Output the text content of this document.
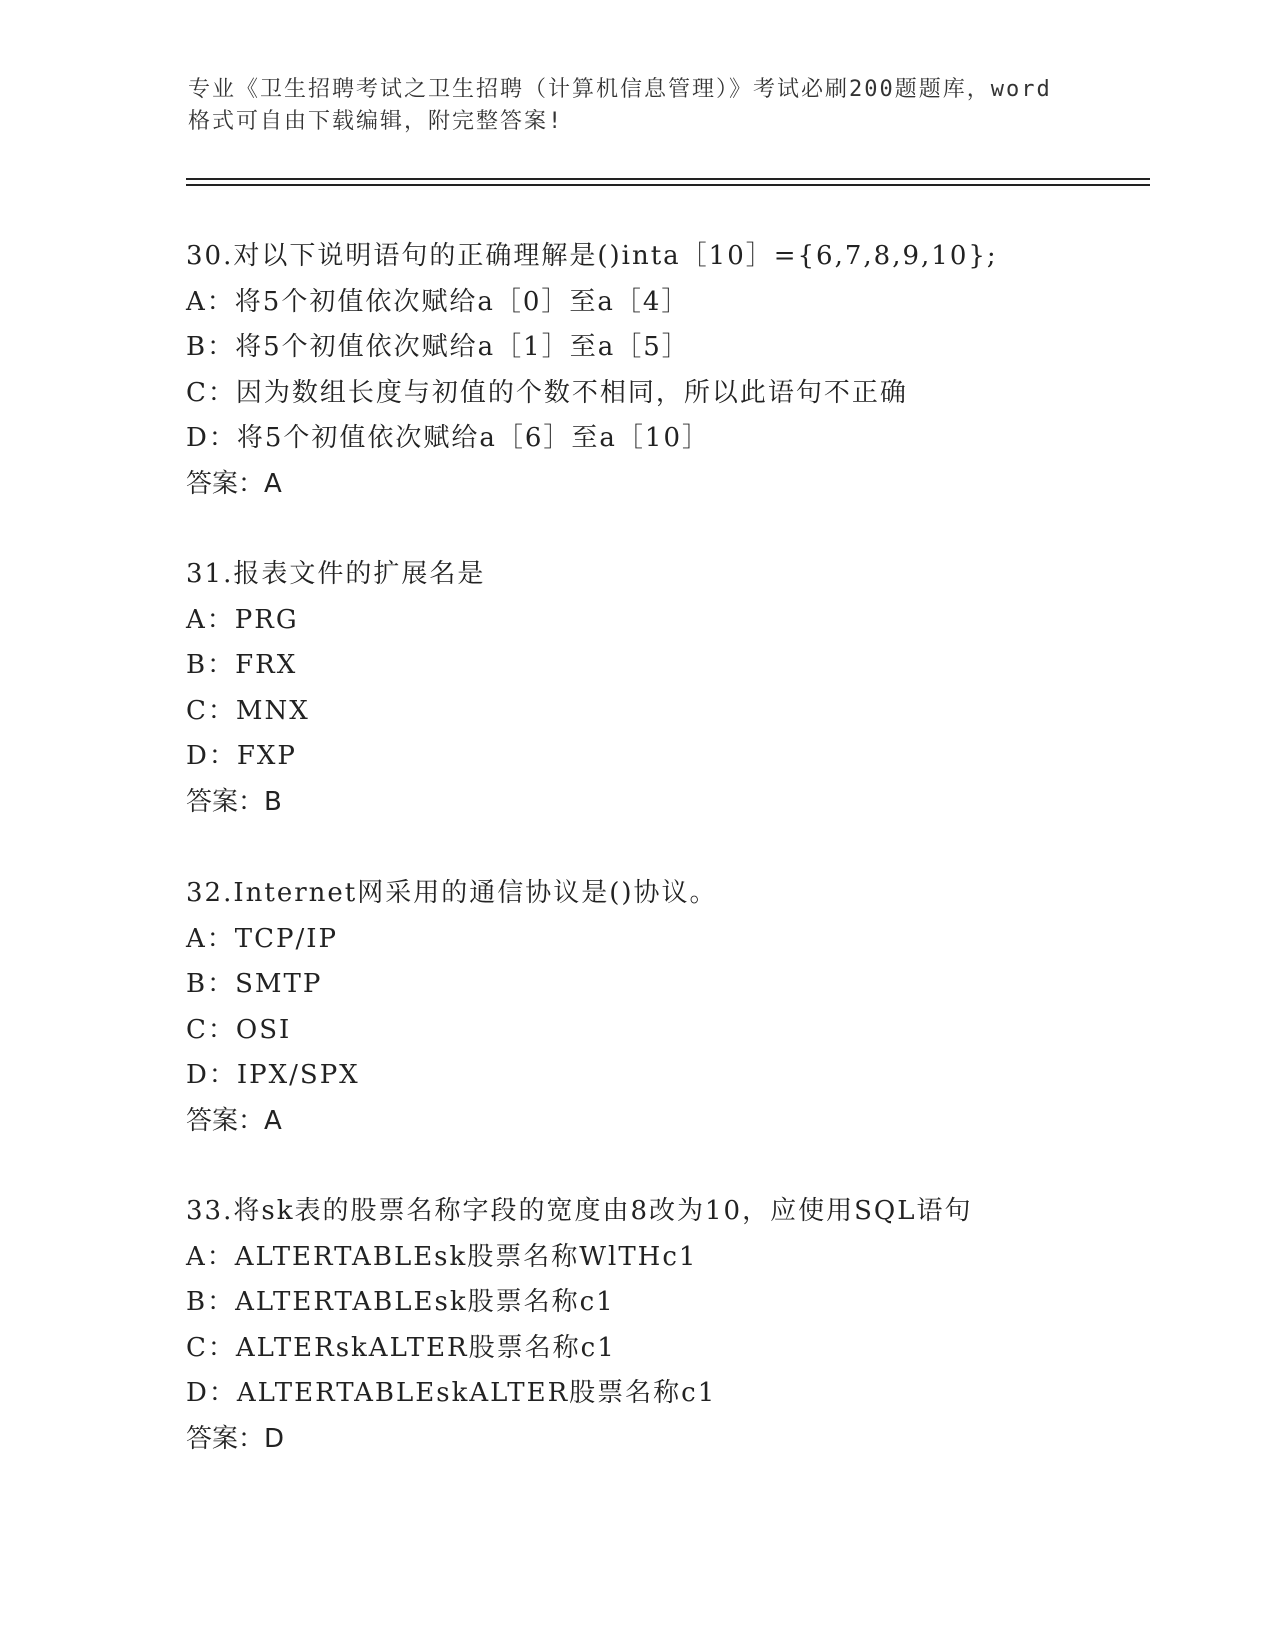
专业《卫生招聘考试之卫生招聘（计算机信息管理）》考试必刷200题题库，word
格式可自由下载编辑，附完整答案!
30.对以下说明语句的正确理解是()inta［10］={6,7,8,9,10};
A：将5个初值依次赋给a［0］至a［4］
B：将5个初值依次赋给a［1］至a［5］
C：因为数组长度与初值的个数不相同，所以此语句不正确
D：将5个初值依次赋给a［6］至a［10］
答案：A
31.报表文件的扩展名是
A：PRG
B：FRX
C：MNX
D：FXP
答案：B
32.Internet网采用的通信协议是()协议。
A：TCP/IP
B：SMTP
C：OSI
D：IPX/SPX
答案：A
33.将sk表的股票名称字段的宽度由8改为10，应使用SQL语句
A：ALTERTABLEsk股票名称WlTHc1
B：ALTERTABLEsk股票名称c1
C：ALTERskALTER股票名称c1
D：ALTERTABLEskALTER股票名称c1
答案：D
